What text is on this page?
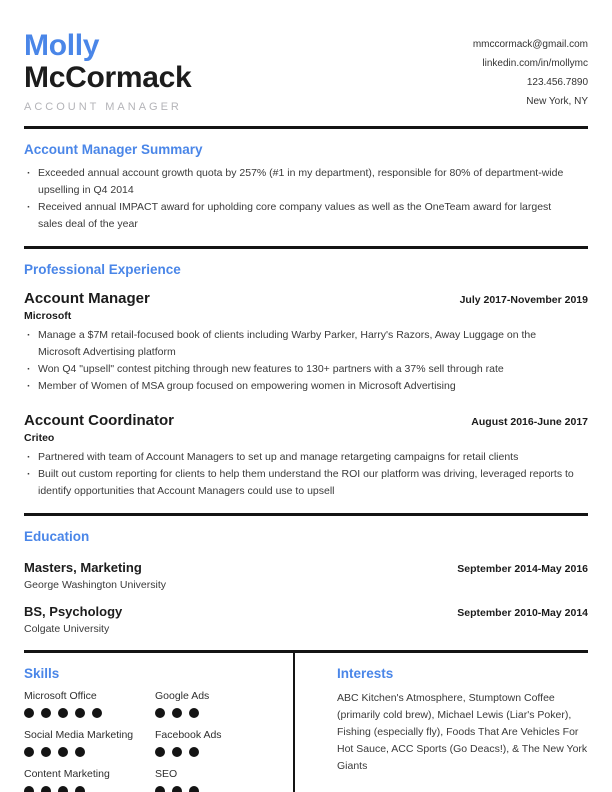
Molly
McCormack
ACCOUNT MANAGER
mmccormack@gmail.com
linkedin.com/in/mollymc
123.456.7890
New York, NY
Account Manager Summary
· Exceeded annual account growth quota by 257% (#1 in my department), responsible for 80% of department-wide upselling in Q4 2014
· Received annual IMPACT award for upholding core company values as well as the OneTeam award for largest sales deal of the year
Professional Experience
Account Manager	July 2017-November 2019
Microsoft
· Manage a $7M retail-focused book of clients including Warby Parker, Harry's Razors, Away Luggage on the Microsoft Advertising platform
· Won Q4 "upsell" contest pitching through new features to 130+ partners with a 37% sell through rate
· Member of Women of MSA group focused on empowering women in Microsoft Advertising
Account Coordinator	August 2016-June 2017
Criteo
· Partnered with team of Account Managers to set up and manage retargeting campaigns for retail clients
· Built out custom reporting for clients to help them understand the ROI our platform was driving, leveraged reports to identify opportunities that Account Managers could use to upsell
Education
Masters, Marketing	September 2014-May 2016
George Washington University
BS, Psychology	September 2010-May 2014
Colgate University
Skills
Microsoft Office	Google Ads
Social Media Marketing	Facebook Ads
Content Marketing	SEO
Interests
ABC Kitchen's Atmosphere, Stumptown Coffee (primarily cold brew), Michael Lewis (Liar's Poker), Fishing (especially fly), Foods That Are Vehicles For Hot Sauce, ACC Sports (Go Deacs!), & The New York Giants
